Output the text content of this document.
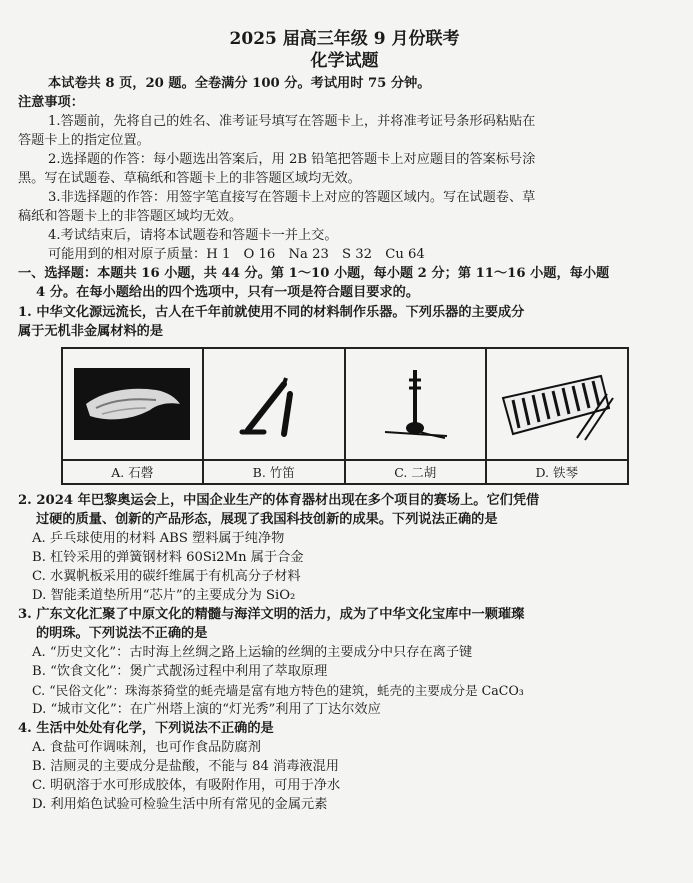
2025 届高三年级 9 月份联考

化学试题

本试卷共 8 页，20 题。全卷满分 100 分。考试用时 75 分钟。

注意事项：

1.答题前，先将自己的姓名、准考证号填写在答题卡上，并将准考证号条形码粘贴在

答题卡上的指定位置。

2.选择题的作答：每小题选出答案后，用 2B 铅笔把答题卡上对应题目的答案标号涂

黑。写在试题卷、草稿纸和答题卡上的非答题区域均无效。

3.非选择题的作答：用签字笔直接写在答题卡上对应的答题区域内。写在试题卷、草

稿纸和答题卡上的非答题区域均无效。

4.考试结束后，请将本试题卷和答题卡一并上交。

可能用到的相对原子质量：H 1　O 16　Na 23　S 32　Cu 64

一、选择题：本题共 16 小题，共 44 分。第 1～10 小题，每小题 2 分；第 11～16 小题，每小题

4 分。在每小题给出的四个选项中，只有一项是符合题目要求的。

1. 中华文化源远流长，古人在千年前就使用不同的材料制作乐器。下列乐器的主要成分

属于无机非金属材料的是

A. 石磬	B. 竹笛	C. 二胡	D. 铁琴

2. 2024 年巴黎奥运会上，中国企业生产的体育器材出现在多个项目的赛场上。它们凭借

过硬的质量、创新的产品形态，展现了我国科技创新的成果。下列说法正确的是

A. 乒乓球使用的材料 ABS 塑料属于纯净物

B. 杠铃采用的弹簧钢材料 60Si2Mn 属于合金

C. 水翼帆板采用的碳纤维属于有机高分子材料

D. 智能柔道垫所用“芯片”的主要成分为 SiO₂

3. 广东文化汇聚了中原文化的精髓与海洋文明的活力，成为了中华文化宝库中一颗璀璨

的明珠。下列说法不正确的是

A. “历史文化”：古时海上丝绸之路上运输的丝绸的主要成分中只存在离子键

B. “饮食文化”：煲广式靓汤过程中利用了萃取原理

C. “民俗文化”：珠海茶猗堂的蚝壳墙是富有地方特色的建筑，蚝壳的主要成分是 CaCO₃

D. “城市文化”：在广州塔上演的“灯光秀”利用了丁达尔效应

4. 生活中处处有化学，下列说法不正确的是

A. 食盐可作调味剂，也可作食品防腐剂

B. 洁厕灵的主要成分是盐酸，不能与 84 消毒液混用

C. 明矾溶于水可形成胶体，有吸附作用，可用于净水

D. 利用焰色试验可检验生活中所有常见的金属元素
